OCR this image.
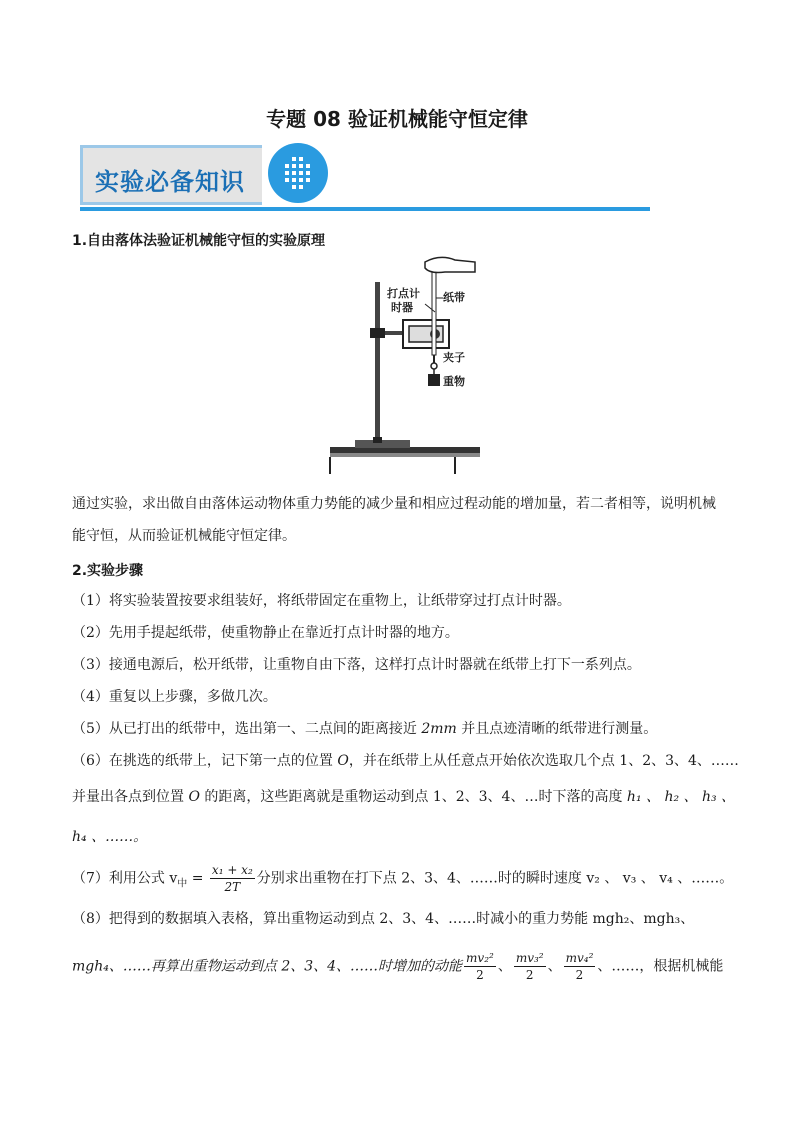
专题 08 验证机械能守恒定律
实验必备知识
1.自由落体法验证机械能守恒的实验原理
打点计
时器
纸带
夹子
重物
通过实验，求出做自由落体运动物体重力势能的减少量和相应过程动能的增加量，若二者相等，说明机械能守恒，从而验证机械能守恒定律。
2.实验步骤
（1）将实验装置按要求组装好，将纸带固定在重物上，让纸带穿过打点计时器。
（2）先用手提起纸带，使重物静止在靠近打点计时器的地方。
（3）接通电源后，松开纸带，让重物自由下落，这样打点计时器就在纸带上打下一系列点。
（4）重复以上步骤，多做几次。
（5）从已打出的纸带中，选出第一、二点间的距离接近 2mm 并且点迹清晰的纸带进行测量。
（6）在挑选的纸带上，记下第一点的位置 O，并在纸带上从任意点开始依次选取几个点 1、2、3、4、……
并量出各点到位置 O 的距离，这些距离就是重物运动到点 1、2、3、4、…时下落的高度 h₁ 、 h₂ 、 h₃ 、
h₄ 、……。
（7）利用公式 $v_中 = \frac{\text{x₁ + x₂}}{2T}$ 分别求出重物在打下点 2、3、4、……时的瞬时速度 v₂ 、 v₃ 、 v₄ 、……。
（8）把得到的数据填入表格，算出重物运动到点 2、3、4、……时减小的重力势能 mgh₂、mgh₃、
mgh₄、……再算出重物运动到点 2、3、4、……时增加的动能 $\frac{\text{mv₂²}}{2}$ 、 $\frac{\text{mv₃²}}{2}$ 、 $\frac{\text{mv₄²}}{2}$ 、……，根据机械能
